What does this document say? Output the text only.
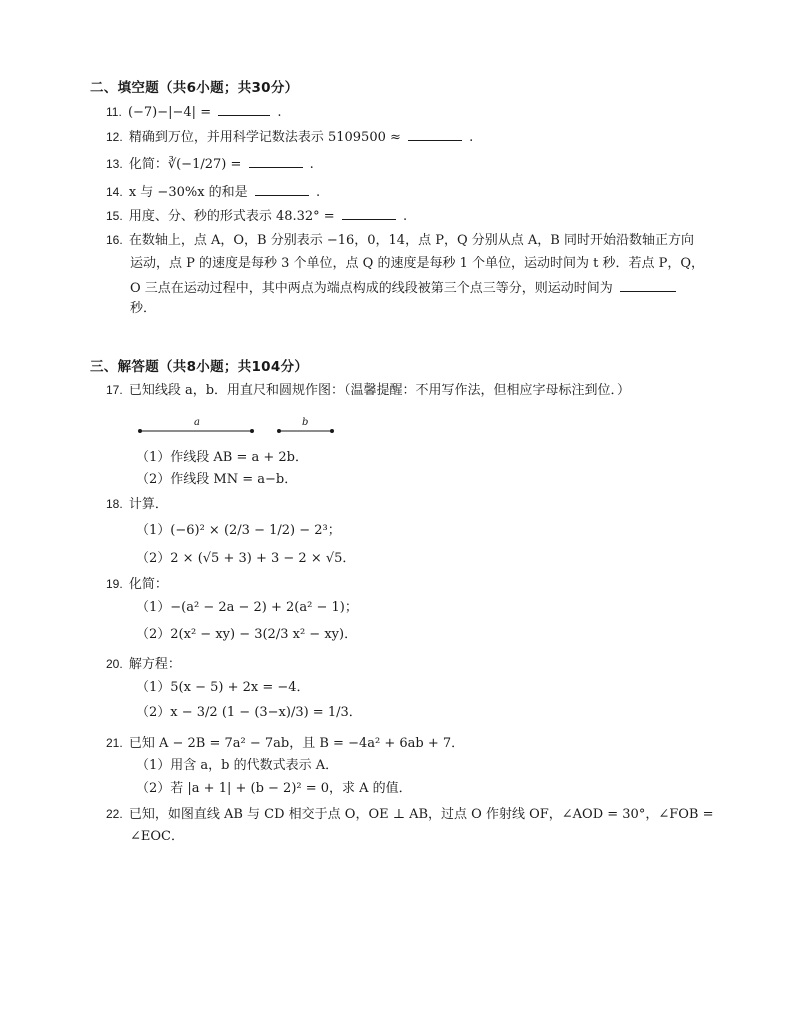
二、填空题（共6小题；共30分）
11. (−7)−|−4| =	.
12. 精确到万位，并用科学记数法表示 5109500 ≈	.
13. 化简：∛(−1/27) =	.
14. x 与 −30%x 的和是	.
15. 用度、分、秒的形式表示 48.32° =	.
16. 在数轴上，点 A，O，B 分别表示 −16，0，14，点 P，Q 分别从点 A，B 同时开始沿数轴正方向
运动，点 P 的速度是每秒 3 个单位，点 Q 的速度是每秒 1 个单位，运动时间为 t 秒．若点 P，Q，
O 三点在运动过程中，其中两点为端点构成的线段被第三个点三等分，则运动时间为
秒．
三、解答题（共8小题；共104分）
17. 已知线段 a，b．用直尺和圆规作图：（温馨提醒：不用写作法，但相应字母标注到位．）
a	b
（1）作线段 AB = a + 2b．
（2）作线段 MN = a−b．
18. 计算．
（1）(−6)² × (2/3 − 1/2) − 2³；
（2）2 × (√5 + 3) + 3 − 2 × √5．
19. 化简：
（1）−(a² − 2a − 2) + 2(a² − 1)；
（2）2(x² − xy) − 3(2/3 x² − xy)．
20. 解方程：
（1）5(x − 5) + 2x = −4．
（2）x − 3/2 (1 − (3−x)/3) = 1/3．
21. 已知 A − 2B = 7a² − 7ab，且 B = −4a² + 6ab + 7．
（1）用含 a，b 的代数式表示 A．
（2）若 |a + 1| + (b − 2)² = 0，求 A 的值．
22. 已知，如图直线 AB 与 CD 相交于点 O，OE ⊥ AB，过点 O 作射线 OF，∠AOD = 30°，∠FOB =
∠EOC．
